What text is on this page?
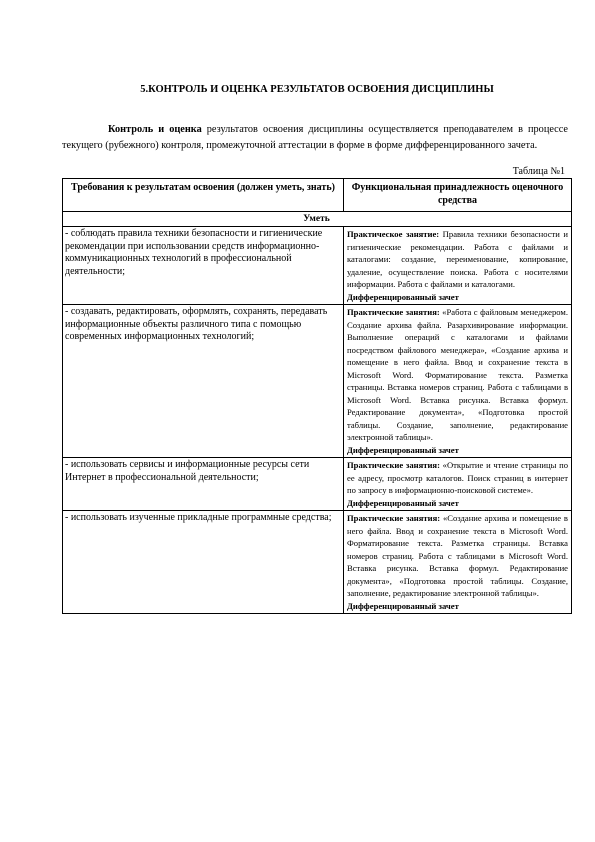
5.КОНТРОЛЬ И ОЦЕНКА РЕЗУЛЬТАТОВ ОСВОЕНИЯ ДИСЦИПЛИНЫ
Контроль и оценка результатов освоения дисциплины осуществляется преподавателем в процессе текущего (рубежного) контроля, промежуточной аттестации в форме в форме дифференцированного зачета.
Таблица №1
Требования к результатам освоения (должен уметь, знать)	Функциональная принадлежность оценочного средства
Уметь	
- соблюдать правила техники безопасности и гигиенические рекомендации при использовании средств информационно-коммуникационных технологий в профессиональной деятельности;	Практическое занятие: Правила техники безопасности и гигиенические рекомендации. Работа с файлами и каталогами: создание, переименование, копирование, удаление, осуществление поиска. Работа с носителями информации. Работа с файлами и каталогами.
Дифференцированный зачет

- создавать, редактировать, оформлять, сохранять, передавать информационные объекты различного типа с помощью современных информационных технологий;	Практические занятия: «Работа с файловым менеджером. Создание архива файла. Разархивирование информации. Выполнение операций с каталогами и файлами посредством файлового менеджера», «Создание архива и помещение в него файла. Ввод и сохранение текста в Microsoft Word. Форматирование текста. Разметка страницы. Вставка номеров страниц. Работа с таблицами в Microsoft Word. Вставка рисунка. Вставка формул. Редактирование документа», «Подготовка простой таблицы. Создание, заполнение, редактирование электронной таблицы».
Дифференцированный зачет

- использовать сервисы и информационные ресурсы сети Интернет в профессиональной деятельности;	Практические занятия: «Открытие и чтение страницы по ее адресу, просмотр каталогов. Поиск страниц в интернет по запросу в информационно-поисковой системе».
Дифференцированный зачет

- использовать изученные прикладные программные средства;	Практические занятия: «Создание архива и помещение в него файла. Ввод и сохранение текста в Microsoft Word. Форматирование текста. Разметка страницы. Вставка номеров страниц. Работа с таблицами в Microsoft Word. Вставка рисунка. Вставка формул. Редактирование документа», «Подготовка простой таблицы. Создание, заполнение, редактирование электронной таблицы».
Дифференцированный зачет
